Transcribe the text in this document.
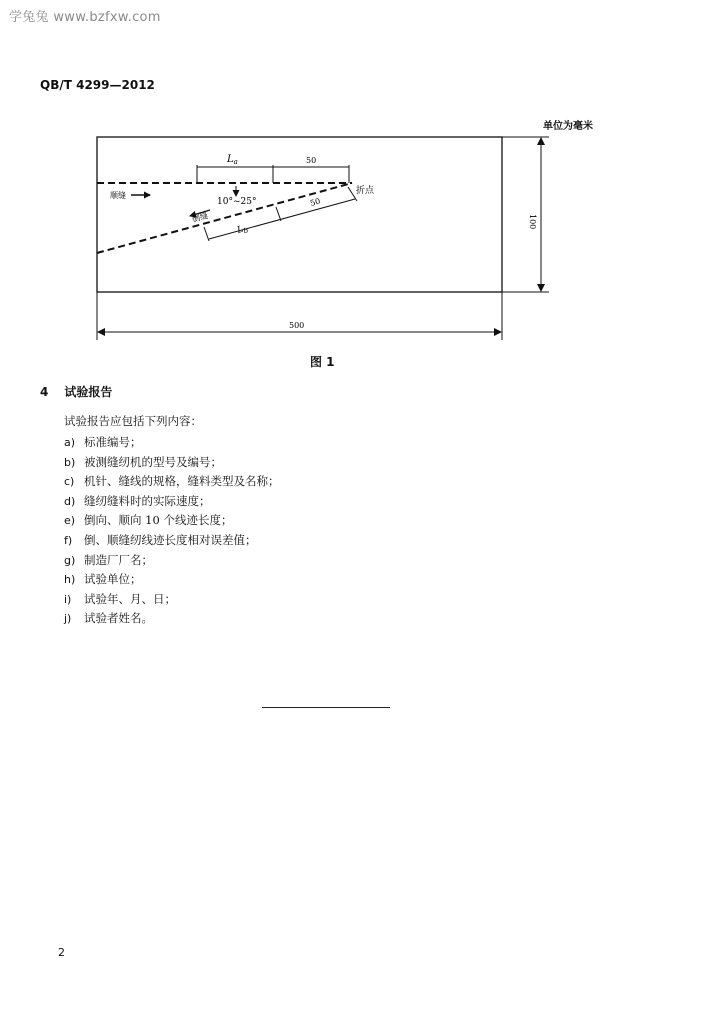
学兔兔 www.bzfxw.com
QB/T 4299—2012
单位为毫米
$L_a$	50
10°~25°
顺缝
倒缝
折点
$L_b$
50
100
500
图 1
4 试验报告
试验报告应包括下列内容：
a) 标准编号；
b) 被测缝纫机的型号及编号；
c) 机针、缝线的规格，缝料类型及名称；
d) 缝纫缝料时的实际速度；
e) 倒向、顺向 10 个线迹长度；
f) 倒、顺缝纫线迹长度相对误差值；
g) 制造厂厂名；
h) 试验单位；
i) 试验年、月、日；
j) 试验者姓名。
2
